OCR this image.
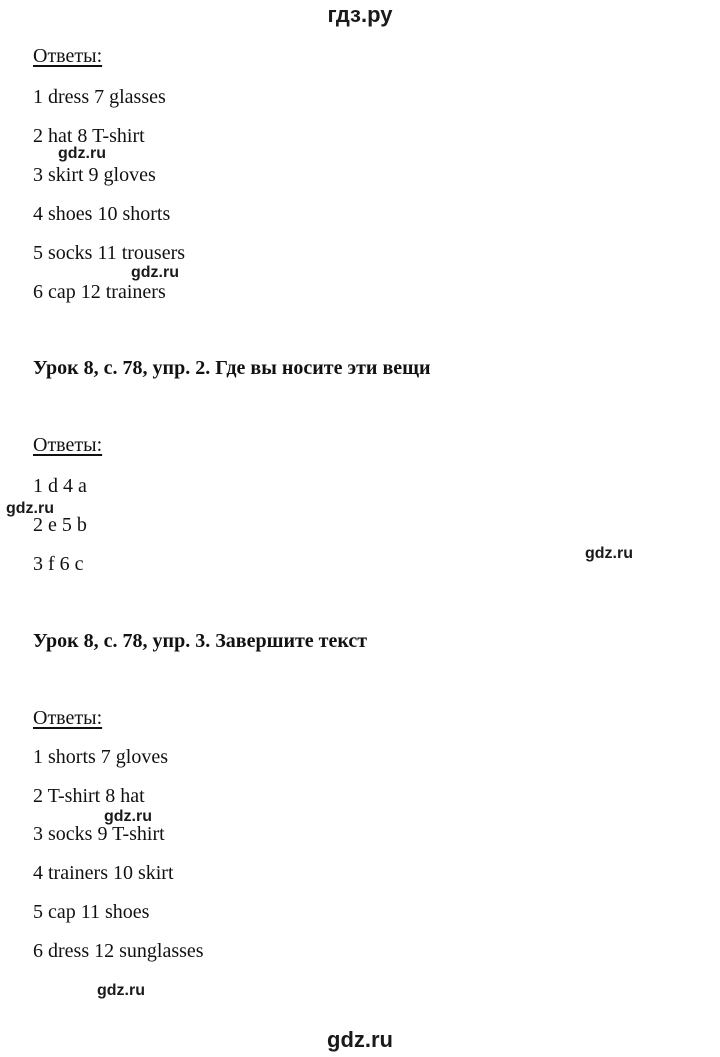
гдз.ру
Ответы:
1 dress 7 glasses
2 hat 8 T-shirt
3 skirt 9 gloves
4 shoes 10 shorts
5 socks 11 trousers
6 cap 12 trainers
Урок 8, с. 78, упр. 2. Где вы носите эти вещи
Ответы:
1 d 4 a
2 e 5 b
3 f 6 c
Урок 8, с. 78, упр. 3. Завершите текст
Ответы:
1 shorts 7 gloves
2 T-shirt 8 hat
3 socks 9 T-shirt
4 trainers 10 skirt
5 cap 11 shoes
6 dress 12 sunglasses
gdz.ru
gdz.ru
gdz.ru
gdz.ru
gdz.ru
gdz.ru
gdz.ru
